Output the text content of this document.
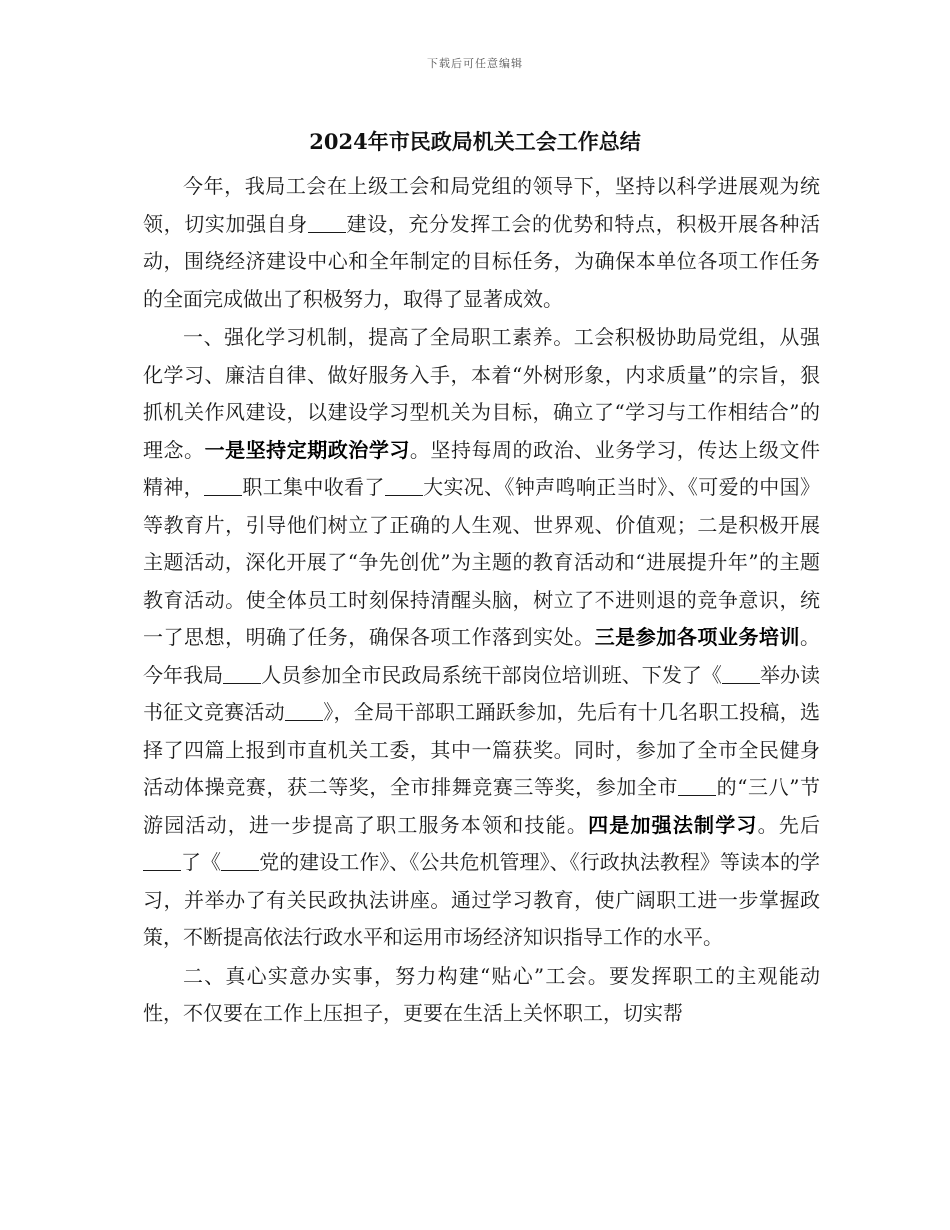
下载后可任意编辑
2024年市民政局机关工会工作总结

今年，我局工会在上级工会和局党组的领导下，坚持以科学进展观为统领，切实加强自身 建设，充分发挥工会的优势和特点，积极开展各种活动，围绕经济建设中心和全年制定的目标任务，为确保本单位各项工作任务的全面完成做出了积极努力，取得了显著成效。

一、强化学习机制，提高了全局职工素养。工会积极协助局党组，从强化学习、廉洁自律、做好服务入手，本着“外树形象，内求质量”的宗旨，狠抓机关作风建设，以建设学习型机关为目标，确立了“学习与工作相结合”的理念。一是坚持定期政治学习。坚持每周的政治、业务学习，传达上级文件精神， 职工集中收看了 大实况、《钟声鸣响正当时》、《可爱的中国》等教育片，引导他们树立了正确的人生观、世界观、价值观；二是积极开展主题活动，深化开展了“争先创优”为主题的教育活动和“进展提升年”的主题教育活动。使全体员工时刻保持清醒头脑，树立了不进则退的竞争意识，统一了思想，明确了任务，确保各项工作落到实处。三是参加各项业务培训。今年我局 人员参加全市民政局系统干部岗位培训班、下发了《 举办读书征文竞赛活动 》，全局干部职工踊跃参加，先后有十几名职工投稿，选择了四篇上报到市直机关工委，其中一篇获奖。同时，参加了全市全民健身活动体操竞赛，获二等奖，全市排舞竞赛三等奖，参加全市 的“三八”节游园活动，进一步提高了职工服务本领和技能。四是加强法制学习。先后了《 党的建设工作》、《公共危机管理》、《行政执法教程》等读本的学习，并举办了有关民政执法讲座。通过学习教育，使广阔职工进一步掌握政策，不断提高依法行政水平和运用市场经济知识指导工作的水平。

二、真心实意办实事，努力构建“贴心”工会。要发挥职工的主观能动性，不仅要在工作上压担子，更要在生活上关怀职工，切实帮
